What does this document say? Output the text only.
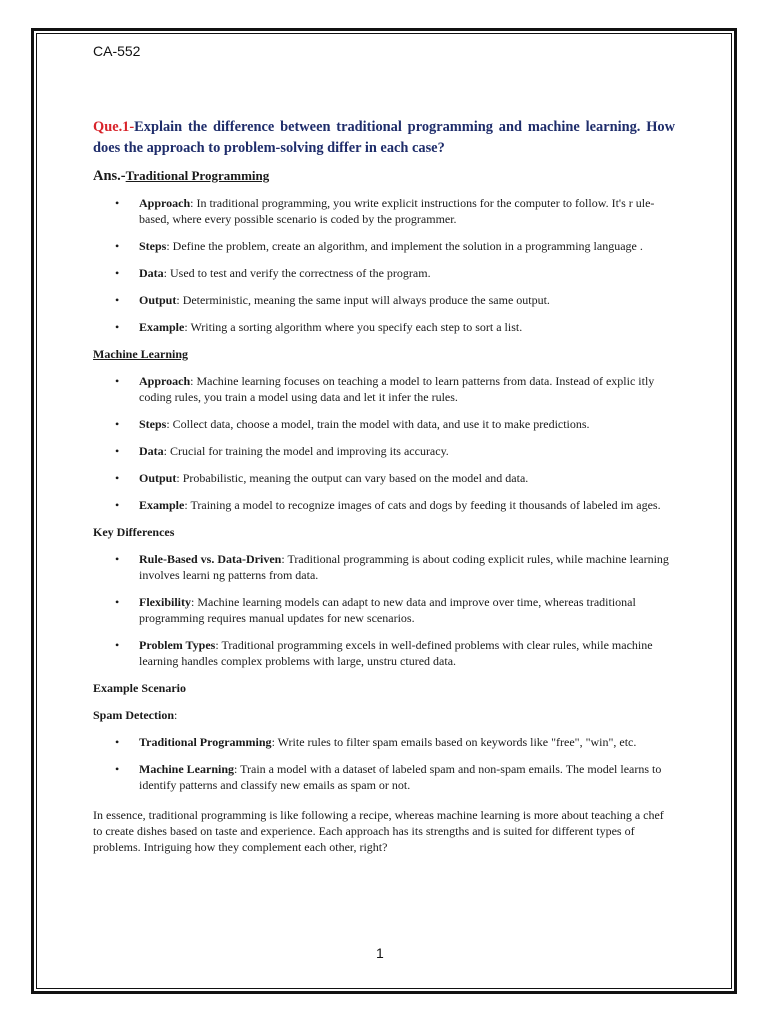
CA-552

Que.1-Explain the difference between traditional programming and machine learning. How does the approach to problem-solving differ in each case?

Ans.-Traditional Programming
• Approach: In traditional programming, you write explicit instructions for the computer to follow. It's r ule-based, where every possible scenario is coded by the programmer.
• Steps: Define the problem, create an algorithm, and implement the solution in a programming language .
• Data: Used to test and verify the correctness of the program.
• Output: Deterministic, meaning the same input will always produce the same output.
• Example: Writing a sorting algorithm where you specify each step to sort a list.

Machine Learning

• Approach: Machine learning focuses on teaching a model to learn patterns from data. Instead of explic itly coding rules, you train a model using data and let it infer the rules.
• Steps: Collect data, choose a model, train the model with data, and use it to make predictions.
• Data: Crucial for training the model and improving its accuracy.
• Output: Probabilistic, meaning the output can vary based on the model and data.
• Example: Training a model to recognize images of cats and dogs by feeding it thousands of labeled im ages.

Key Differences

• Rule-Based vs. Data-Driven: Traditional programming is about coding explicit rules, while machine learning involves learni ng patterns from data.
• Flexibility: Machine learning models can adapt to new data and improve over time, whereas traditional programming requires manual updates for new scenarios.
• Problem Types: Traditional programming excels in well-defined problems with clear rules, while machine learning handles complex problems with large, unstru ctured data.

Example Scenario

Spam Detection:

• Traditional Programming: Write rules to filter spam emails based on keywords like "free", "win", etc.
• Machine Learning: Train a model with a dataset of labeled spam and non-spam emails. The model learns to identify patterns and classify new emails as spam or not.

In essence, traditional programming is like following a recipe, whereas machine learning is more about teaching a chef to create dishes based on taste and experience. Each approach has its strengths and is suited for different types of problems. Intriguing how they complement each other, right?

1
